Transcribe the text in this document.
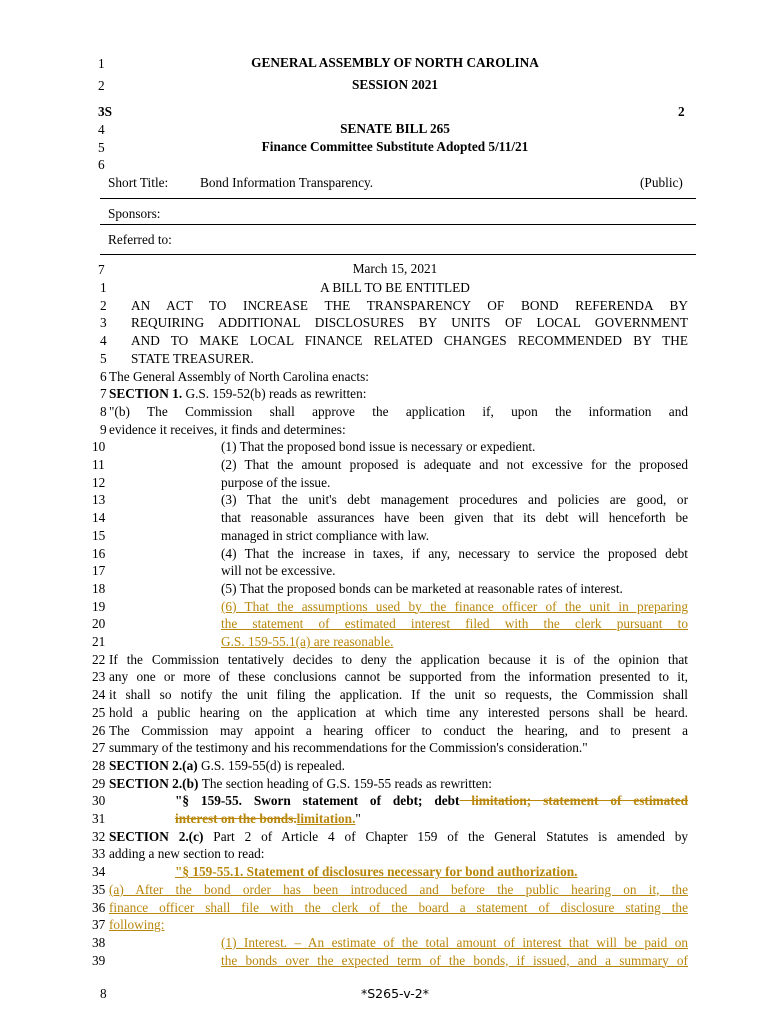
1	GENERAL ASSEMBLY OF NORTH CAROLINA
2	SESSION 2021
3S	2
4	SENATE BILL 265
5	Finance Committee Substitute Adopted 5/11/21
6
Short Title:	Bond Information Transparency.	(Public)
Sponsors:
Referred to:
7	March 15, 2021
1	A BILL TO BE ENTITLED
2	AN ACT TO INCREASE THE TRANSPARENCY OF BOND REFERENDA BY
3	REQUIRING ADDITIONAL DISCLOSURES BY UNITS OF LOCAL GOVERNMENT
4	AND TO MAKE LOCAL FINANCE RELATED CHANGES RECOMMENDED BY THE
5	STATE TREASURER.
6 The General Assembly of North Carolina enacts:
7 SECTION 1. G.S. 159-52(b) reads as rewritten:
8 "(b) The Commission shall approve the application if, upon the information and
9 evidence it receives, it finds and determines:
10	(1) That the proposed bond issue is necessary or expedient.
11	(2) That the amount proposed is adequate and not excessive for the proposed
12	purpose of the issue.
13	(3) That the unit's debt management procedures and policies are good, or
14	that reasonable assurances have been given that its debt will henceforth be
15	managed in strict compliance with law.
16	(4) That the increase in taxes, if any, necessary to service the proposed debt
17	will not be excessive.
18	(5) That the proposed bonds can be marketed at reasonable rates of interest.
19	(6) That the assumptions used by the finance officer of the unit in preparing
20	the statement of estimated interest filed with the clerk pursuant to
21	G.S. 159-55.1(a) are reasonable.
22 If the Commission tentatively decides to deny the application because it is of the opinion that
23 any one or more of these conclusions cannot be supported from the information presented to it,
24 it shall so notify the unit filing the application. If the unit so requests, the Commission shall
25 hold a public hearing on the application at which time any interested persons shall be heard.
26 The Commission may appoint a hearing officer to conduct the hearing, and to present a
27 summary of the testimony and his recommendations for the Commission's consideration."
28 SECTION 2.(a) G.S. 159-55(d) is repealed.
29 SECTION 2.(b) The section heading of G.S. 159-55 reads as rewritten:
30	"§ 159-55. Sworn statement of debt; debt limitation; statement of estimated
31	interest on the bonds.limitation."
32 SECTION 2.(c) Part 2 of Article 4 of Chapter 159 of the General Statutes is amended by
33 adding a new section to read:
34	"§ 159-55.1. Statement of disclosures necessary for bond authorization.
35 (a) After the bond order has been introduced and before the public hearing on it, the
36 finance officer shall file with the clerk of the board a statement of disclosure stating the
37 following:
38	(1) Interest. – An estimate of the total amount of interest that will be paid on
39	the bonds over the expected term of the bonds, if issued, and a summary of
8	*S265-v-2*
